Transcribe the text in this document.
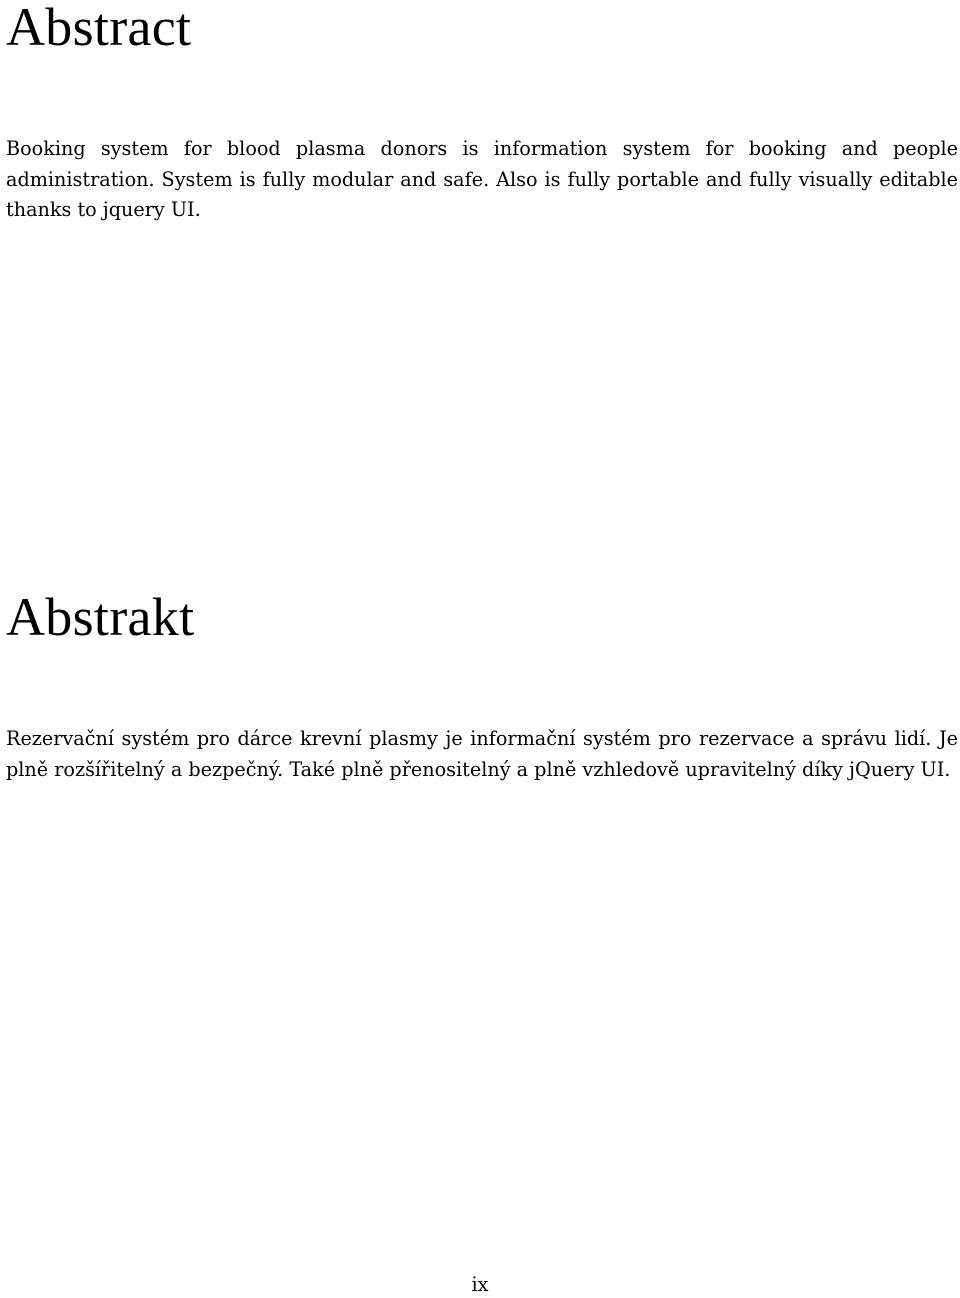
Abstract

Booking system for blood plasma donors is information system for booking and people administration. System is fully modular and safe. Also is fully portable and fully visually editable thanks to jquery UI.

Abstrakt

Rezervační systém pro dárce krevní plasmy je informační systém pro rezervace a správu lidí. Je plně rozšířitelný a bezpečný. Také plně přenositelný a plně vzhledově upravitelný díky jQuery UI.

ix
